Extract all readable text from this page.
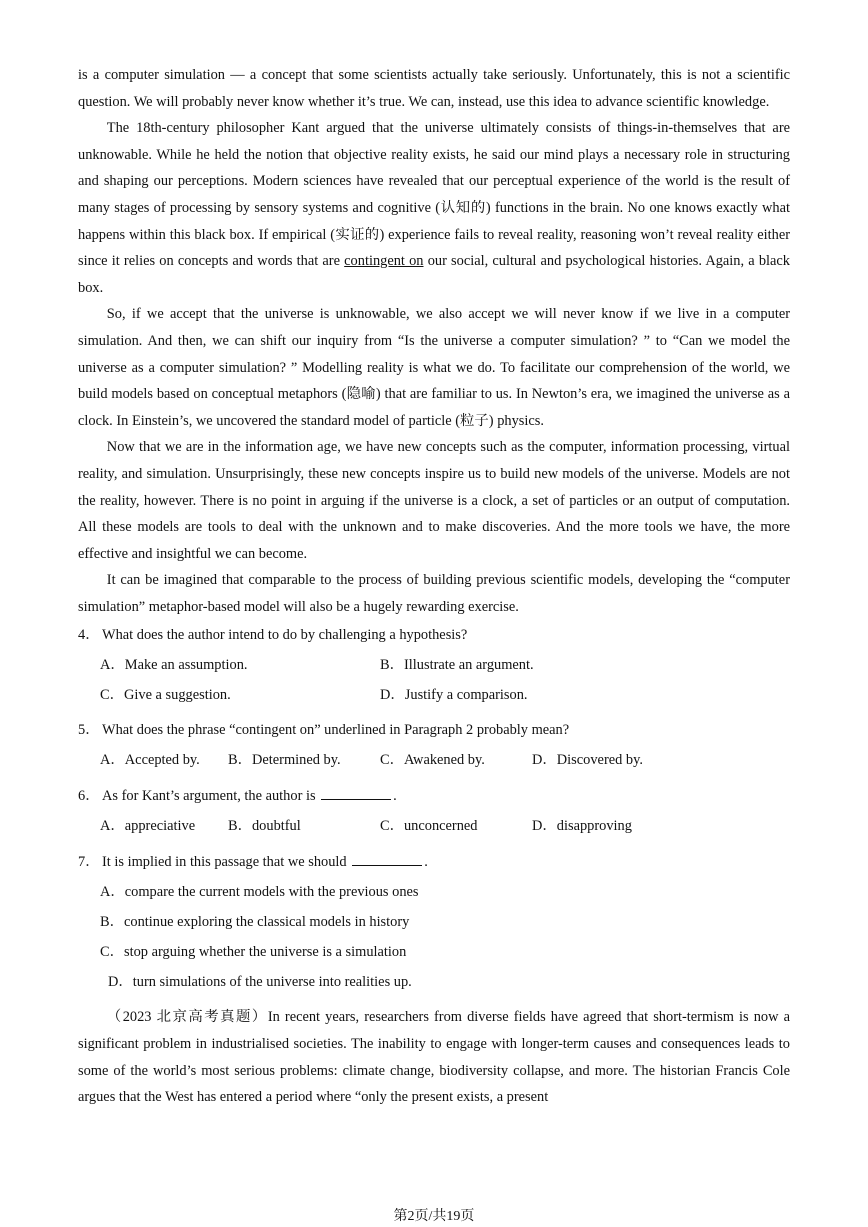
is a computer simulation — a concept that some scientists actually take seriously. Unfortunately, this is not a scientific question. We will probably never know whether it’s true. We can, instead, use this idea to advance scientific knowledge.

The 18th-century philosopher Kant argued that the universe ultimately consists of things-in-themselves that are unknowable. While he held the notion that objective reality exists, he said our mind plays a necessary role in structuring and shaping our perceptions. Modern sciences have revealed that our perceptual experience of the world is the result of many stages of processing by sensory systems and cognitive (认知的) functions in the brain. No one knows exactly what happens within this black box. If empirical (实证的) experience fails to reveal reality, reasoning won’t reveal reality either since it relies on concepts and words that are contingent on our social, cultural and psychological histories. Again, a black box.

So, if we accept that the universe is unknowable, we also accept we will never know if we live in a computer simulation. And then, we can shift our inquiry from “Is the universe a computer simulation? ” to “Can we model the universe as a computer simulation? ” Modelling reality is what we do. To facilitate our comprehension of the world, we build models based on conceptual metaphors (隐喻) that are familiar to us. In Newton’s era, we imagined the universe as a clock. In Einstein’s, we uncovered the standard model of particle (粒子) physics.

Now that we are in the information age, we have new concepts such as the computer, information processing, virtual reality, and simulation. Unsurprisingly, these new concepts inspire us to build new models of the universe. Models are not the reality, however. There is no point in arguing if the universe is a clock, a set of particles or an output of computation. All these models are tools to deal with the unknown and to make discoveries. And the more tools we have, the more effective and insightful we can become.

It can be imagined that comparable to the process of building previous scientific models, developing the “computer simulation” metaphor-based model will also be a hugely rewarding exercise.

4． What does the author intend to do by challenging a hypothesis?

A．Make an assumption.	B．Illustrate an argument.
C．Give a suggestion.	D．Justify a comparison.

5． What does the phrase “contingent on” underlined in Paragraph 2 probably mean?

A．Accepted by.	B．Determined by.	C．Awakened by.	D．Discovered by.

6． As for Kant’s argument, the author is	.

A．appreciative	B．doubtful	C．unconcerned	D．disapproving

7． It is implied in this passage that we should	.

A．compare the current models with the previous ones
B．continue exploring the classical models in history
C．stop arguing whether the universe is a simulation
D．turn simulations of the universe into realities up.

（2023 北京高考真题）In recent years, researchers from diverse fields have agreed that short-termism is now a significant problem in industrialised societies. The inability to engage with longer-term causes and consequences leads to some of the world’s most serious problems: climate change, biodiversity collapse, and more. The historian Francis Cole argues that the West has entered a period where “only the present exists, a present

第2页/共19页
